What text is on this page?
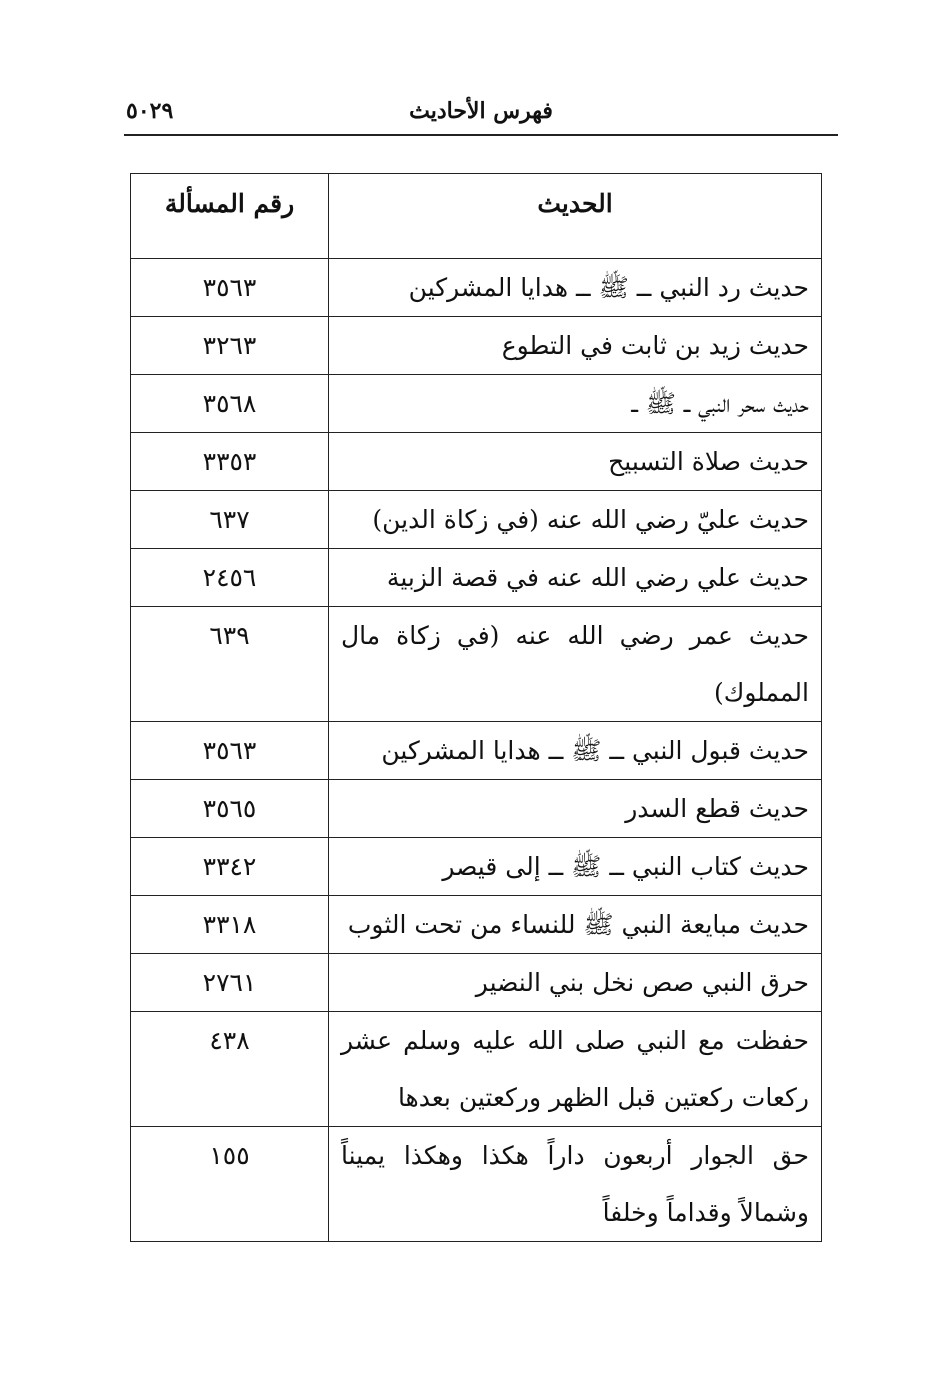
فهرس الأحاديث
٥٠٢٩
الحديث	رقم المسألة
حديث رد النبي ــ ﷺ ــ هدايا المشركين	٣٥٦٣
حديث زيد بن ثابت في التطوع	٣٢٦٣
حديث سحر النبي ــ ﷺ ــ	٣٥٦٨
حديث صلاة التسبيح	٣٣٥٣
حديث عليّ رضي الله عنه (في زكاة الدين)	٦٣٧
حديث علي رضي الله عنه في قصة الزبية	٢٤٥٦
حديث عمر رضي الله عنه (في زكاة مال المملوك)	٦٣٩
حديث قبول النبي ــ ﷺ ــ هدايا المشركين	٣٥٦٣
حديث قطع السدر	٣٥٦٥
حديث كتاب النبي ــ ﷺ ــ إلى قيصر	٣٣٤٢
حديث مبايعة النبي ﷺ للنساء من تحت الثوب	٣٣١٨
حرق النبي صص نخل بني النضير	٢٧٦١
حفظت مع النبي صلى الله عليه وسلم عشر ركعات ركعتين قبل الظهر وركعتين بعدها	٤٣٨
حق الجوار أربعون داراً هكذا وهكذا يميناً وشمالاً وقداماً وخلفاً	١٥٥
